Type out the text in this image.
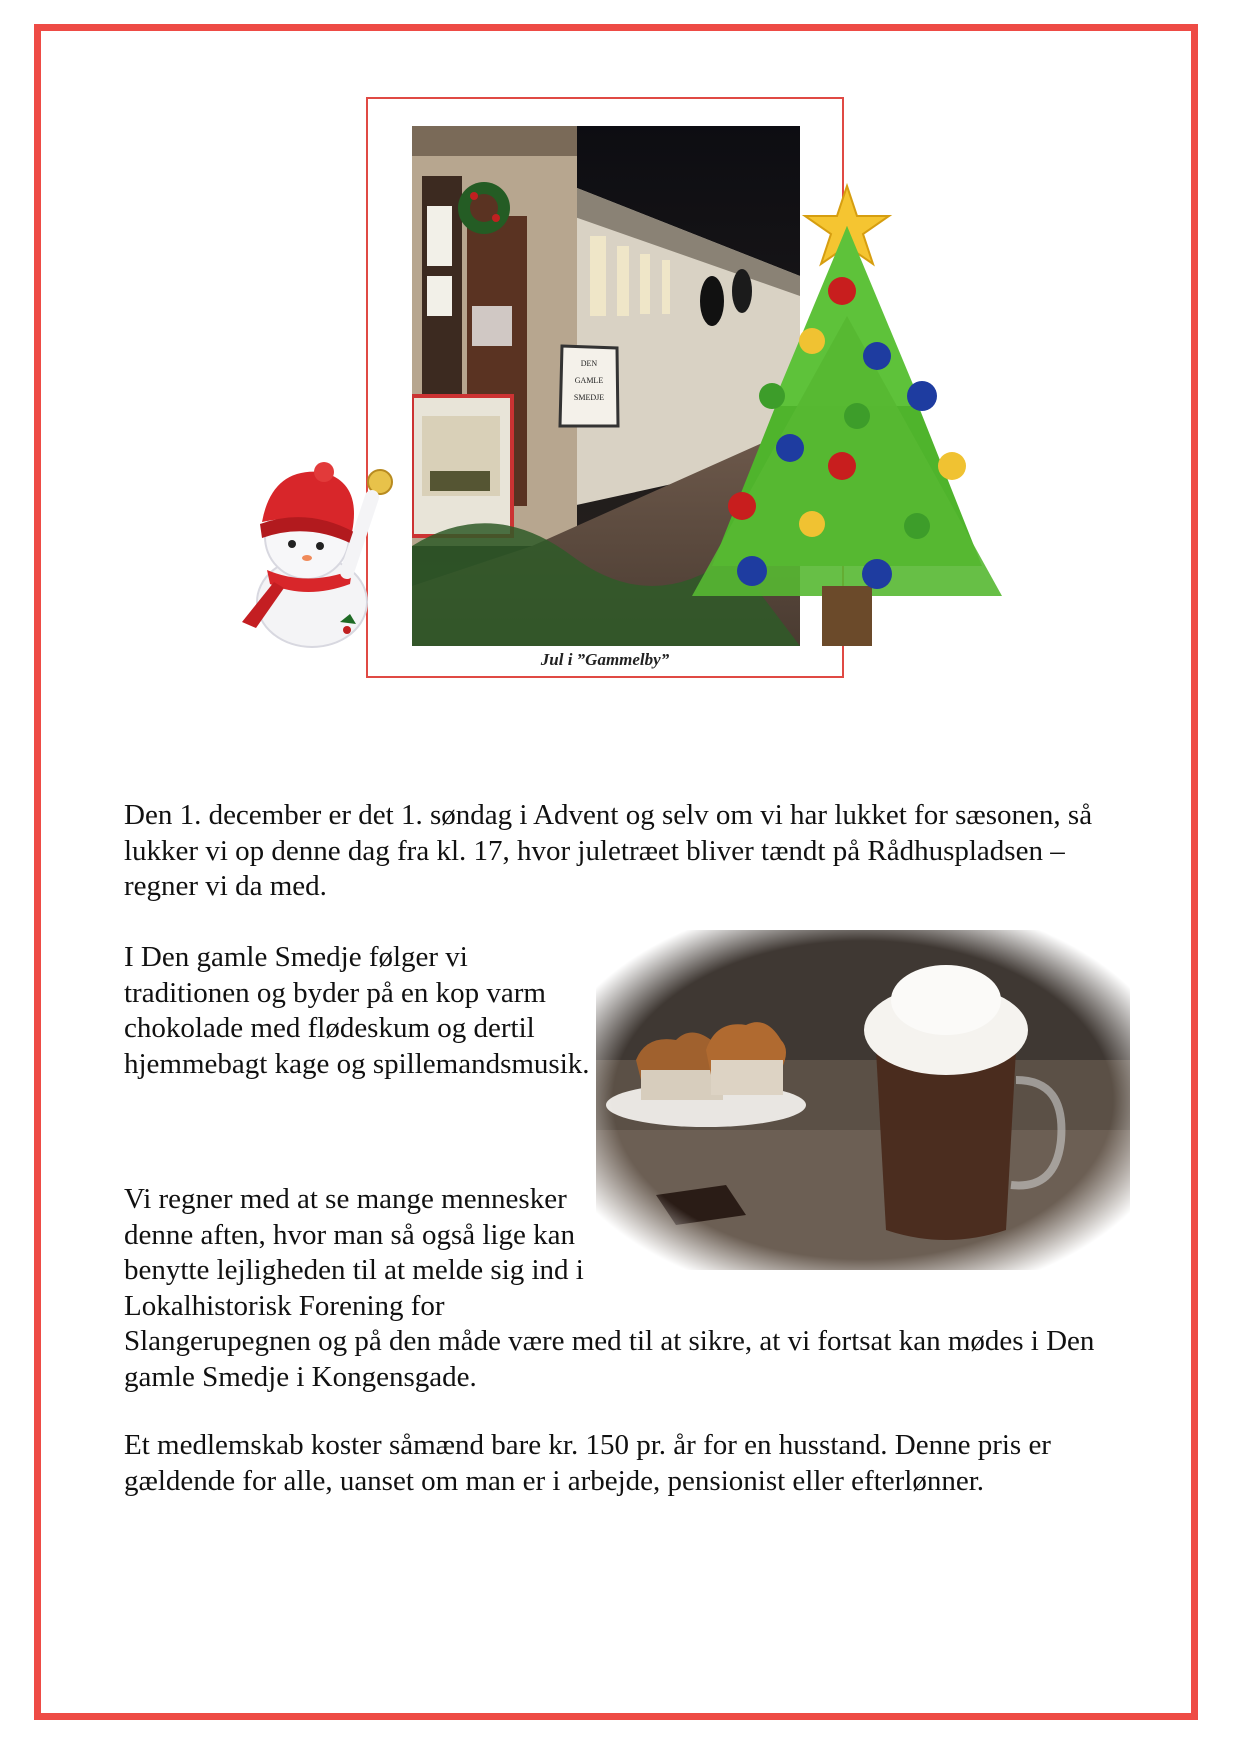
Jul i ”Gammelby”
DEN
GAMLE
SMEDJE

Den 1. december er det 1. søndag i Advent og selv om vi har lukket for sæsonen, så lukker vi op denne dag fra kl. 17, hvor juletræet bliver tændt på Rådhuspladsen – regner vi da med.

I Den gamle Smedje følger vi traditionen og byder på en kop varm chokolade med flødeskum og dertil hjemmebagt kage og spillemandsmusik.

Vi regner med at se mange mennesker denne aften, hvor man så også lige kan benytte lejligheden til at melde sig ind i Lokalhistorisk Forening for Slangerupegnen og på den måde være med til at sikre, at vi fortsat kan mødes i Den gamle Smedje i Kongensgade.

Et medlemskab koster såmænd bare kr. 150 pr. år for en husstand. Denne pris er gældende for alle, uanset om man er i arbejde, pensionist eller efterlønner.
